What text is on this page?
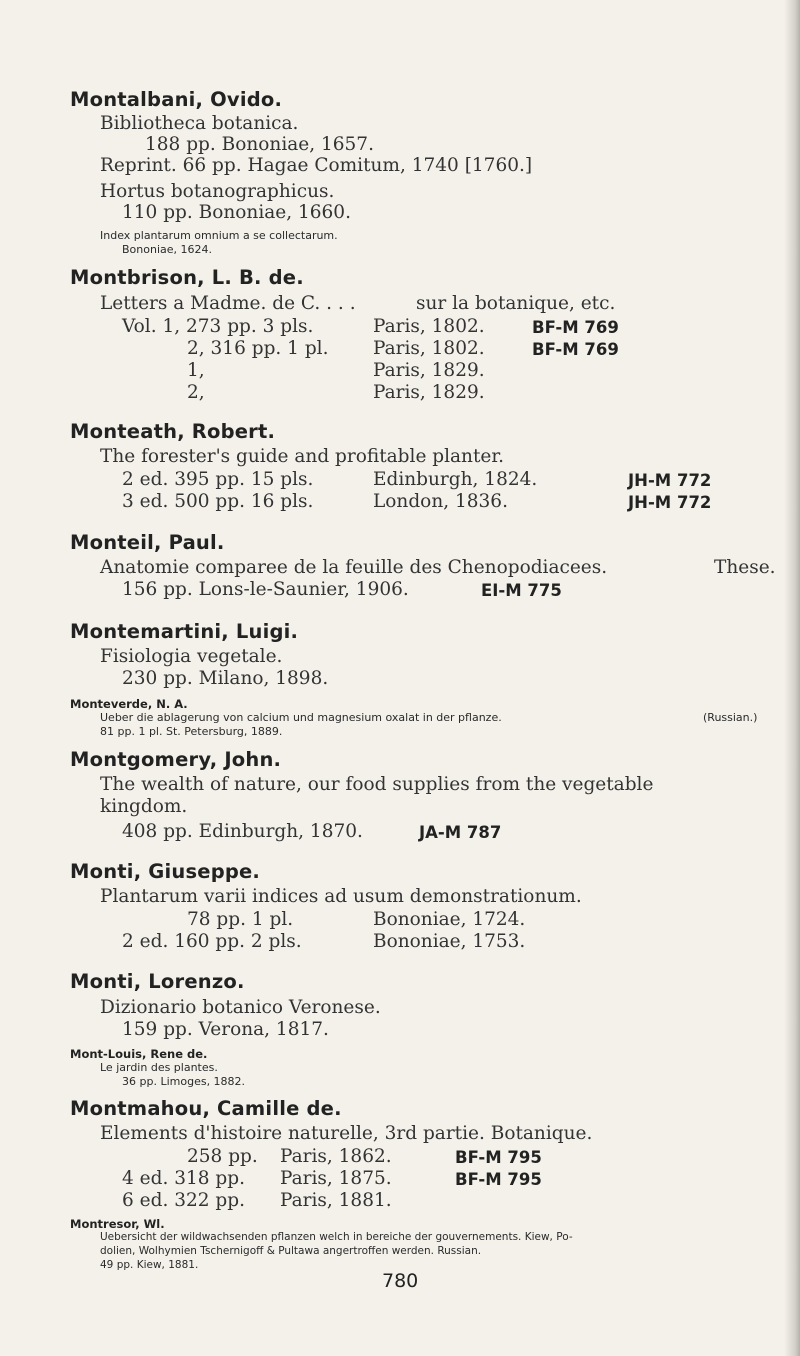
Montalbani, Ovido.
Bibliotheca botanica.
188 pp. Bononiae, 1657.
Reprint. 66 pp. Hagae Comitum, 1740 [1760.]
Hortus botanographicus.
110 pp. Bononiae, 1660.
Index plantarum omnium a se collectarum.
Bononiae, 1624.
Montbrison, L. B. de.
Letters a Madme. de C. . . .	sur la botanique, etc.
Vol. 1, 273 pp. 3 pls.	Paris, 1802.	BF-M 769
2, 316 pp. 1 pl. Paris, 1802.	BF-M 769
1,	Paris, 1829.
2,	Paris, 1829.
Monteath, Robert.
The forester's guide and profitable planter.
2 ed. 395 pp. 15 pls.	Edinburgh, 1824.	JH-M 772
3 ed. 500 pp. 16 pls.	London, 1836.	JH-M 772
Monteil, Paul.
Anatomie comparee de la feuille des Chenopodiacees.	These.
156 pp. Lons-le-Saunier, 1906.	EI-M 775
Montemartini, Luigi.
Fisiologia vegetale.
230 pp. Milano, 1898.
Monteverde, N. A.
Ueber die ablagerung von calcium und magnesium oxalat in der pflanze.	(Russian.)
81 pp. 1 pl. St. Petersburg, 1889.
Montgomery, John.
The wealth of nature, our food supplies from the vegetable
kingdom.
408 pp. Edinburgh, 1870.	JA-M 787
Monti, Giuseppe.
Plantarum varii indices ad usum demonstrationum.
78 pp. 1 pl.	Bononiae, 1724.
2 ed. 160 pp. 2 pls.	Bononiae, 1753.
Monti, Lorenzo.
Dizionario botanico Veronese.
159 pp. Verona, 1817.
Mont-Louis, Rene de.
Le jardin des plantes.
36 pp. Limoges, 1882.
Montmahou, Camille de.
Elements d'histoire naturelle, 3rd partie. Botanique.
258 pp. Paris, 1862.	BF-M 795
4 ed. 318 pp. Paris, 1875.	BF-M 795
6 ed. 322 pp. Paris, 1881.
Montresor, Wl.
Uebersicht der wildwachsenden pflanzen welch in bereiche der gouvernements. Kiew, Po-
dolien, Wolhymien Tschernigoff & Pultawa angertroffen werden. Russian.
49 pp. Kiew, 1881.
780
